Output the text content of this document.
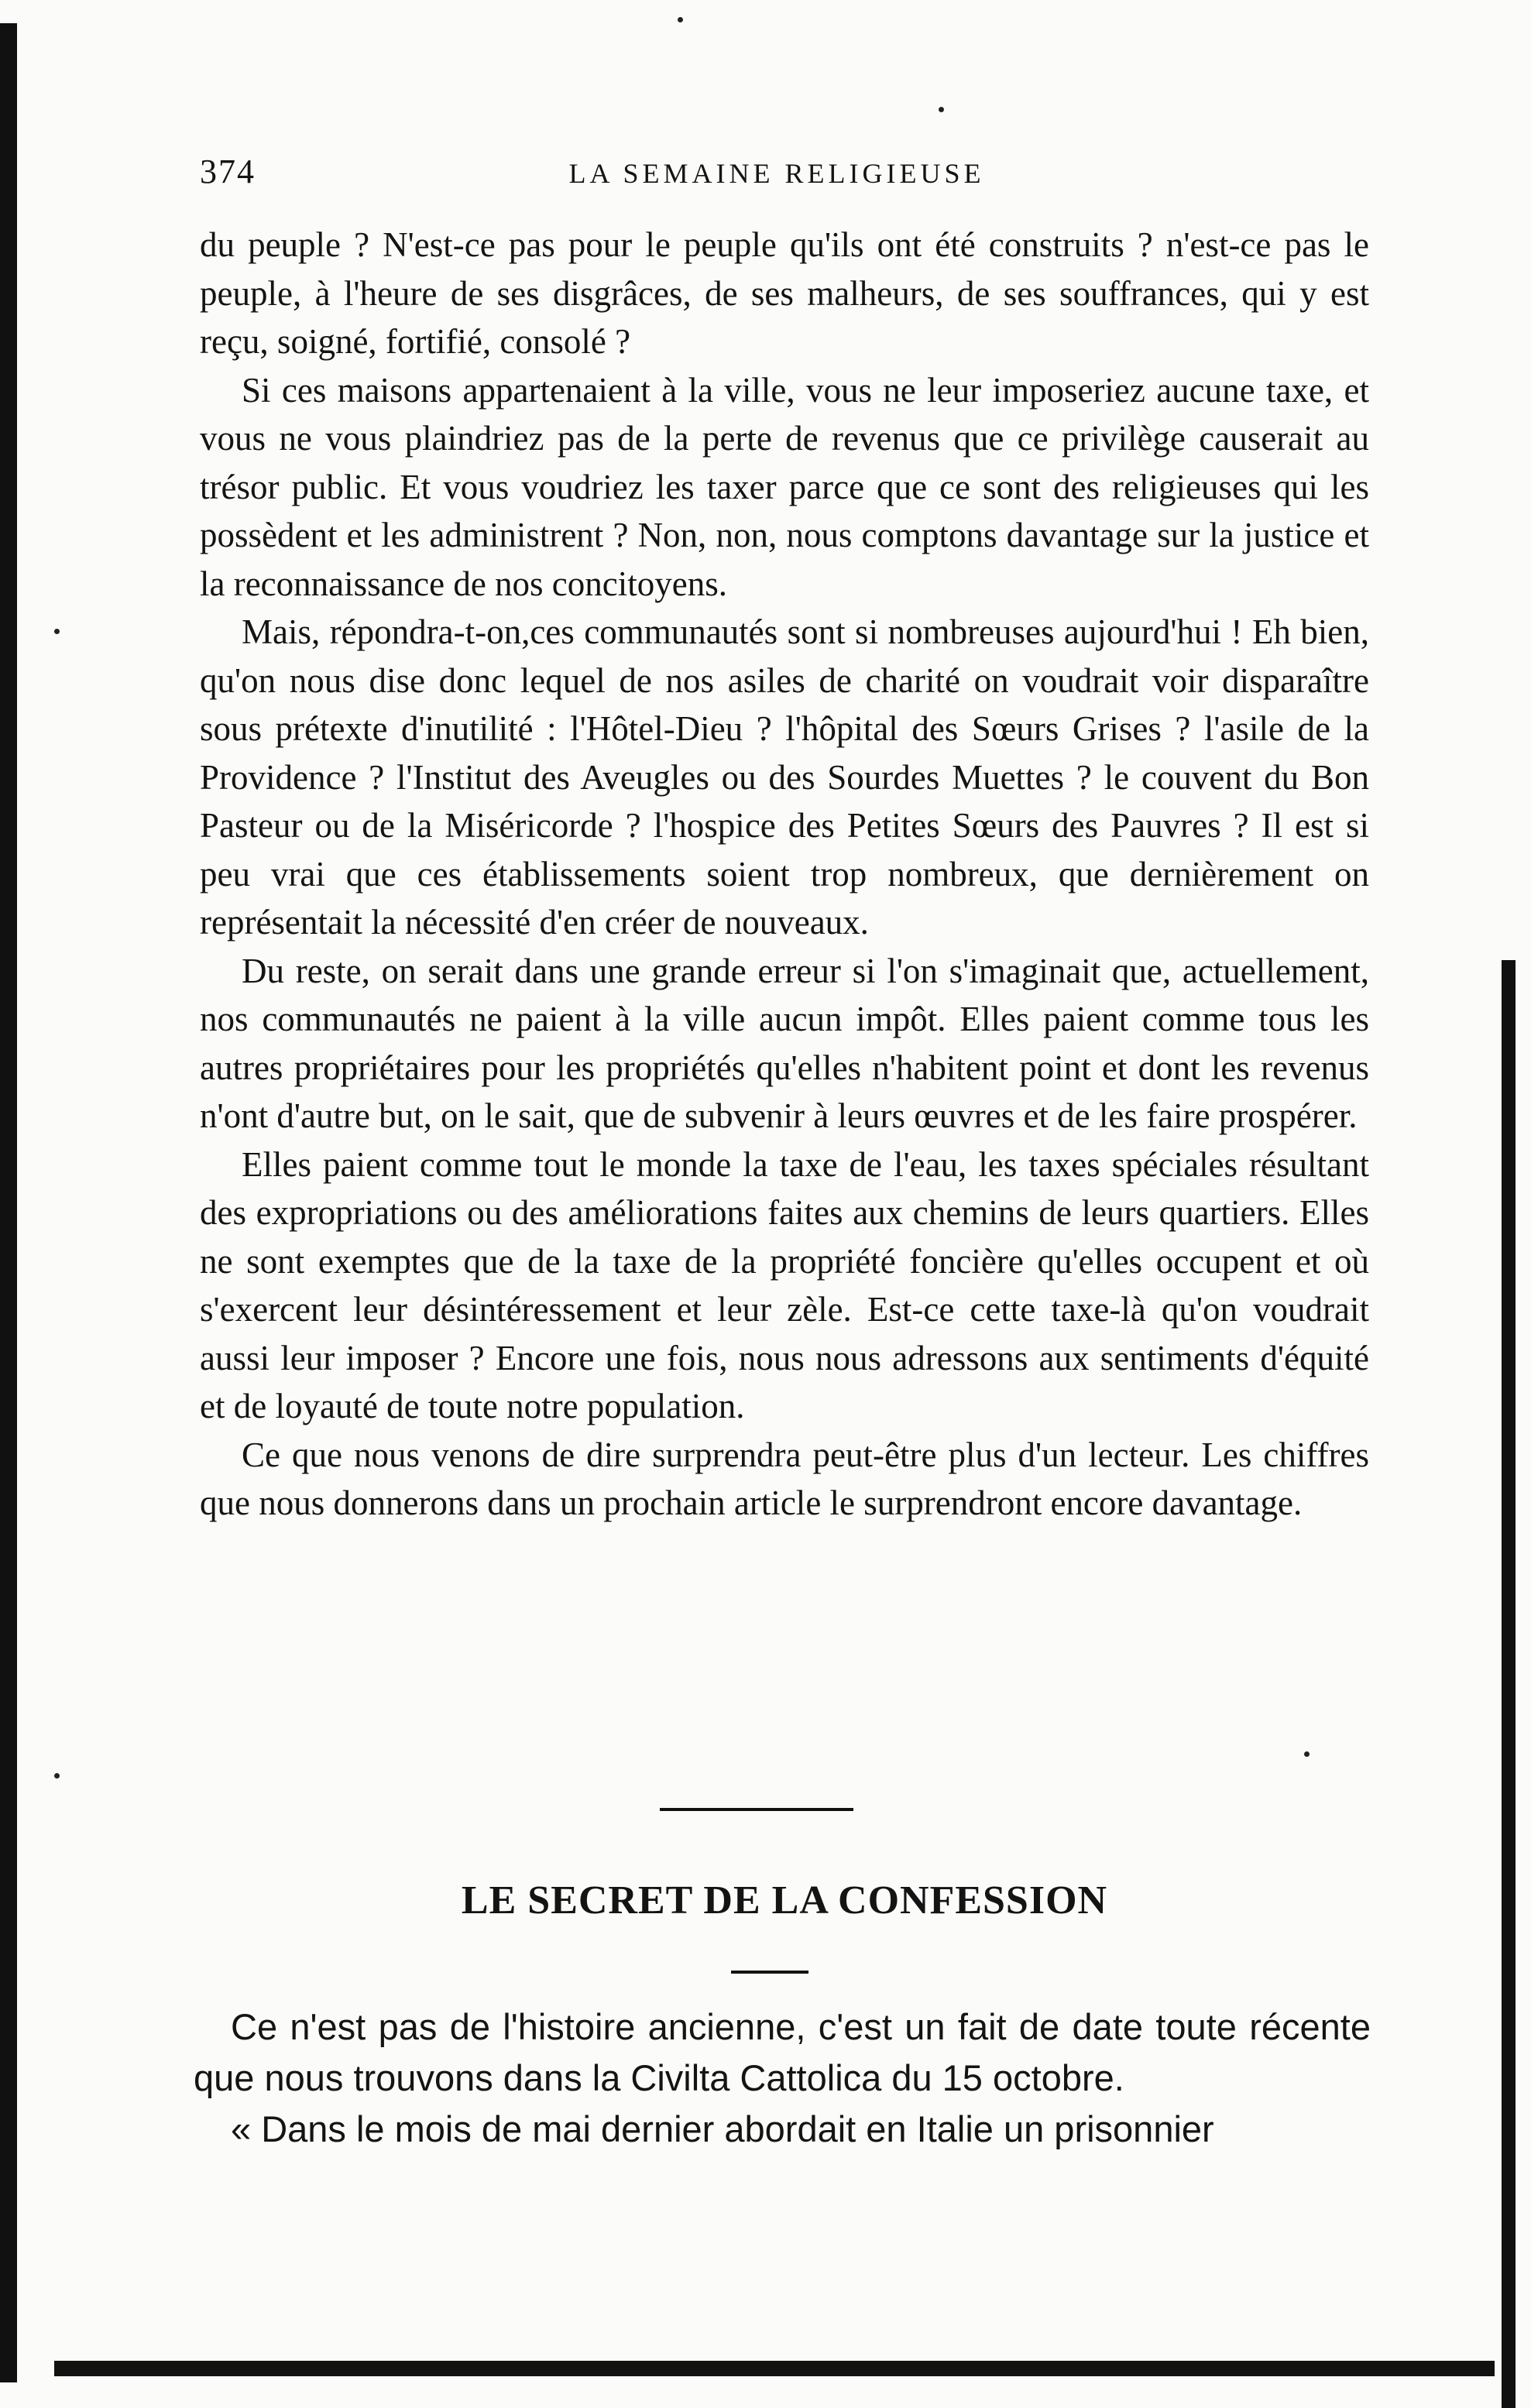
374	LA SEMAINE RELIGIEUSE

du peuple ? N'est-ce pas pour le peuple qu'ils ont été construits ? n'est-ce pas le peuple, à l'heure de ses disgrâces, de ses malheurs, de ses souffrances, qui y est reçu, soigné, fortifié, consolé ?

Si ces maisons appartenaient à la ville, vous ne leur imposeriez aucune taxe, et vous ne vous plaindriez pas de la perte de revenus que ce privilège causerait au trésor public. Et vous voudriez les taxer parce que ce sont des religieuses qui les possèdent et les administrent ? Non, non, nous comptons davantage sur la justice et la reconnaissance de nos concitoyens.

Mais, répondra-t-on,ces communautés sont si nombreuses aujourd'hui ! Eh bien, qu'on nous dise donc lequel de nos asiles de charité on voudrait voir disparaître sous prétexte d'inutilité : l'Hôtel-Dieu ? l'hôpital des Sœurs Grises ? l'asile de la Providence ? l'Institut des Aveugles ou des Sourdes Muettes ? le couvent du Bon Pasteur ou de la Miséricorde ? l'hospice des Petites Sœurs des Pauvres ? Il est si peu vrai que ces établissements soient trop nombreux, que dernièrement on représentait la nécessité d'en créer de nouveaux.

Du reste, on serait dans une grande erreur si l'on s'imaginait que, actuellement, nos communautés ne paient à la ville aucun impôt. Elles paient comme tous les autres propriétaires pour les propriétés qu'elles n'habitent point et dont les revenus n'ont d'autre but, on le sait, que de subvenir à leurs œuvres et de les faire prospérer.

Elles paient comme tout le monde la taxe de l'eau, les taxes spéciales résultant des expropriations ou des améliorations faites aux chemins de leurs quartiers. Elles ne sont exemptes que de la taxe de la propriété foncière qu'elles occupent et où s'exercent leur désintéressement et leur zèle. Est-ce cette taxe-là qu'on voudrait aussi leur imposer ? Encore une fois, nous nous adressons aux sentiments d'équité et de loyauté de toute notre population.

Ce que nous venons de dire surprendra peut-être plus d'un lecteur. Les chiffres que nous donnerons dans un prochain article le surprendront encore davantage.

LE SECRET DE LA CONFESSION

Ce n'est pas de l'histoire ancienne, c'est un fait de date toute récente que nous trouvons dans la Civilta Cattolica du 15 octobre.

« Dans le mois de mai dernier abordait en Italie un prisonnier
